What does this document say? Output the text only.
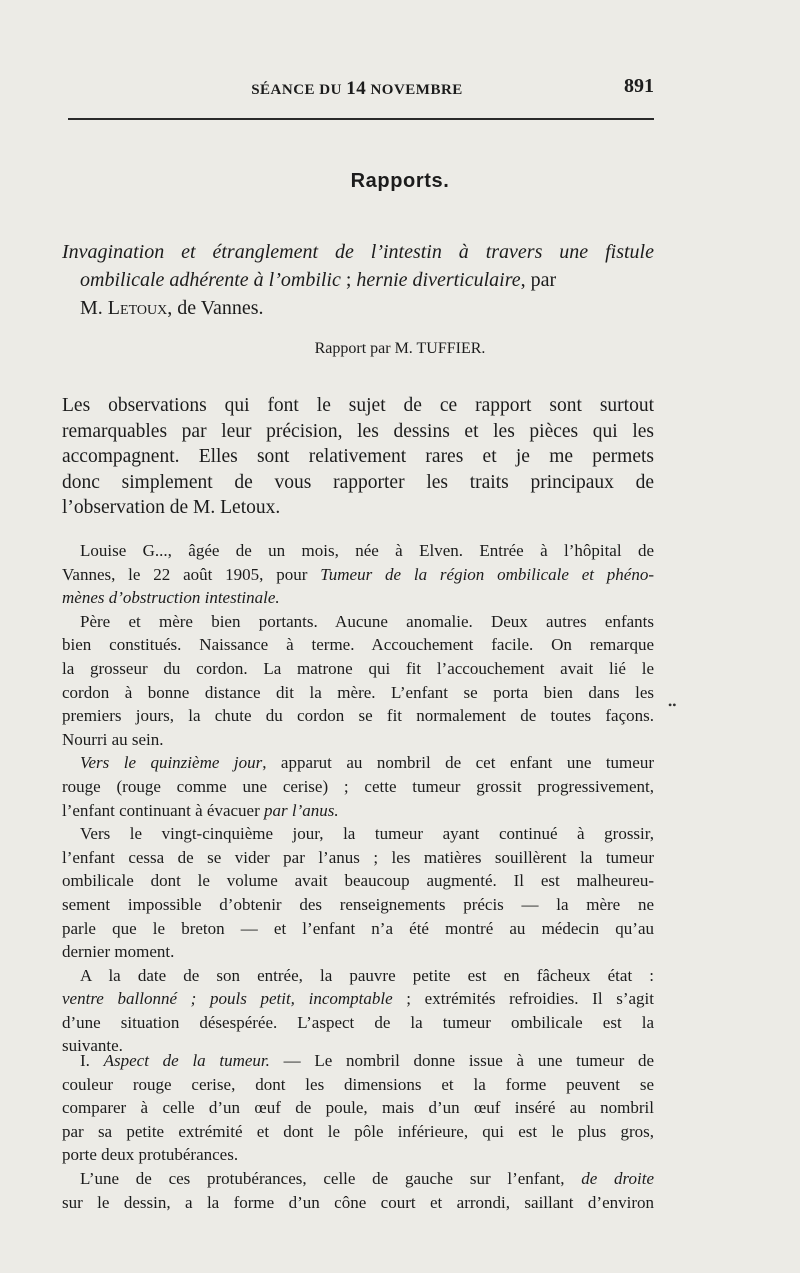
SÉANCE DU 14 NOVEMBRE	891
Rapports.
Invagination et étranglement de l’intestin à travers une fistule
ombilicale adhérente à l’ombilic ; hernie diverticulaire, par
M. Letoux, de Vannes.
Rapport par M. TUFFIER.
Les observations qui font le sujet de ce rapport sont surtout
remarquables par leur précision, les dessins et les pièces qui les
accompagnent. Elles sont relativement rares et je me permets
donc simplement de vous rapporter les traits principaux de
l’observation de M. Letoux.
Louise G..., âgée de un mois, née à Elven. Entrée à l’hôpital de
Vannes, le 22 août 1905, pour Tumeur de la région ombilicale et phéno-
mènes d’obstruction intestinale.
Père et mère bien portants. Aucune anomalie. Deux autres enfants
bien constitués. Naissance à terme. Accouchement facile. On remarque
la grosseur du cordon. La matrone qui fit l’accouchement avait lié le
cordon à bonne distance dit la mère. L’enfant se porta bien dans les
premiers jours, la chute du cordon se fit normalement de toutes façons.
Nourri au sein.
Vers le quinzième jour, apparut au nombril de cet enfant une tumeur
rouge (rouge comme une cerise) ; cette tumeur grossit progressivement,
l’enfant continuant à évacuer par l’anus.
Vers le vingt-cinquième jour, la tumeur ayant continué à grossir,
l’enfant cessa de se vider par l’anus ; les matières souillèrent la tumeur
ombilicale dont le volume avait beaucoup augmenté. Il est malheureu-
sement impossible d’obtenir des renseignements précis — la mère ne
parle que le breton — et l’enfant n’a été montré au médecin qu’au
dernier moment.
A la date de son entrée, la pauvre petite est en fâcheux état :
ventre ballonné ; pouls petit, incomptable ; extrémités refroidies. Il s’agit
d’une situation désespérée. L’aspect de la tumeur ombilicale est la
suivante.
I. Aspect de la tumeur. — Le nombril donne issue à une tumeur de
couleur rouge cerise, dont les dimensions et la forme peuvent se
comparer à celle d’un œuf de poule, mais d’un œuf inséré au nombril
par sa petite extrémité et dont le pôle inférieure, qui est le plus gros,
porte deux protubérances.
L’une de ces protubérances, celle de gauche sur l’enfant, de droite
sur le dessin, a la forme d’un cône court et arrondi, saillant d’environ
••
